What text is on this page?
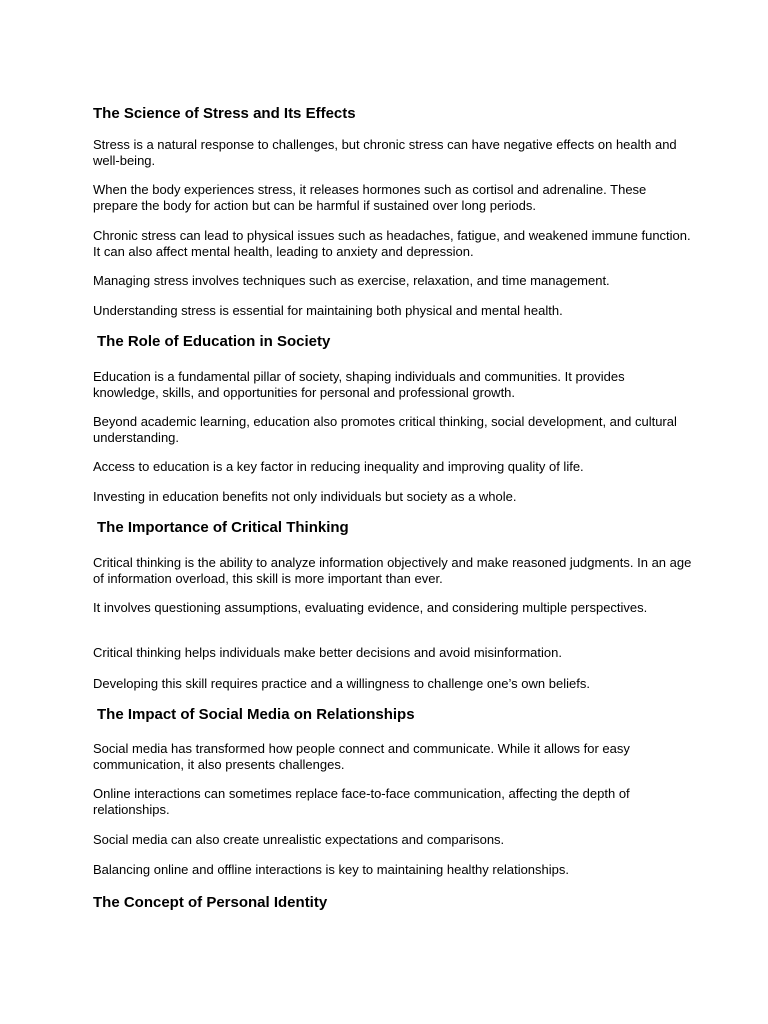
The Science of Stress and Its Effects

Stress is a natural response to challenges, but chronic stress can have negative effects on health and well-being.

When the body experiences stress, it releases hormones such as cortisol and adrenaline. These prepare the body for action but can be harmful if sustained over long periods.

Chronic stress can lead to physical issues such as headaches, fatigue, and weakened immune function. It can also affect mental health, leading to anxiety and depression.

Managing stress involves techniques such as exercise, relaxation, and time management.

Understanding stress is essential for maintaining both physical and mental health.

The Role of Education in Society

Education is a fundamental pillar of society, shaping individuals and communities. It provides knowledge, skills, and opportunities for personal and professional growth.

Beyond academic learning, education also promotes critical thinking, social development, and cultural understanding.

Access to education is a key factor in reducing inequality and improving quality of life.

Investing in education benefits not only individuals but society as a whole.

The Importance of Critical Thinking

Critical thinking is the ability to analyze information objectively and make reasoned judgments. In an age of information overload, this skill is more important than ever.

It involves questioning assumptions, evaluating evidence, and considering multiple perspectives.

Critical thinking helps individuals make better decisions and avoid misinformation.

Developing this skill requires practice and a willingness to challenge one’s own beliefs.

The Impact of Social Media on Relationships

Social media has transformed how people connect and communicate. While it allows for easy communication, it also presents challenges.

Online interactions can sometimes replace face-to-face communication, affecting the depth of relationships.

Social media can also create unrealistic expectations and comparisons.

Balancing online and offline interactions is key to maintaining healthy relationships.

The Concept of Personal Identity
